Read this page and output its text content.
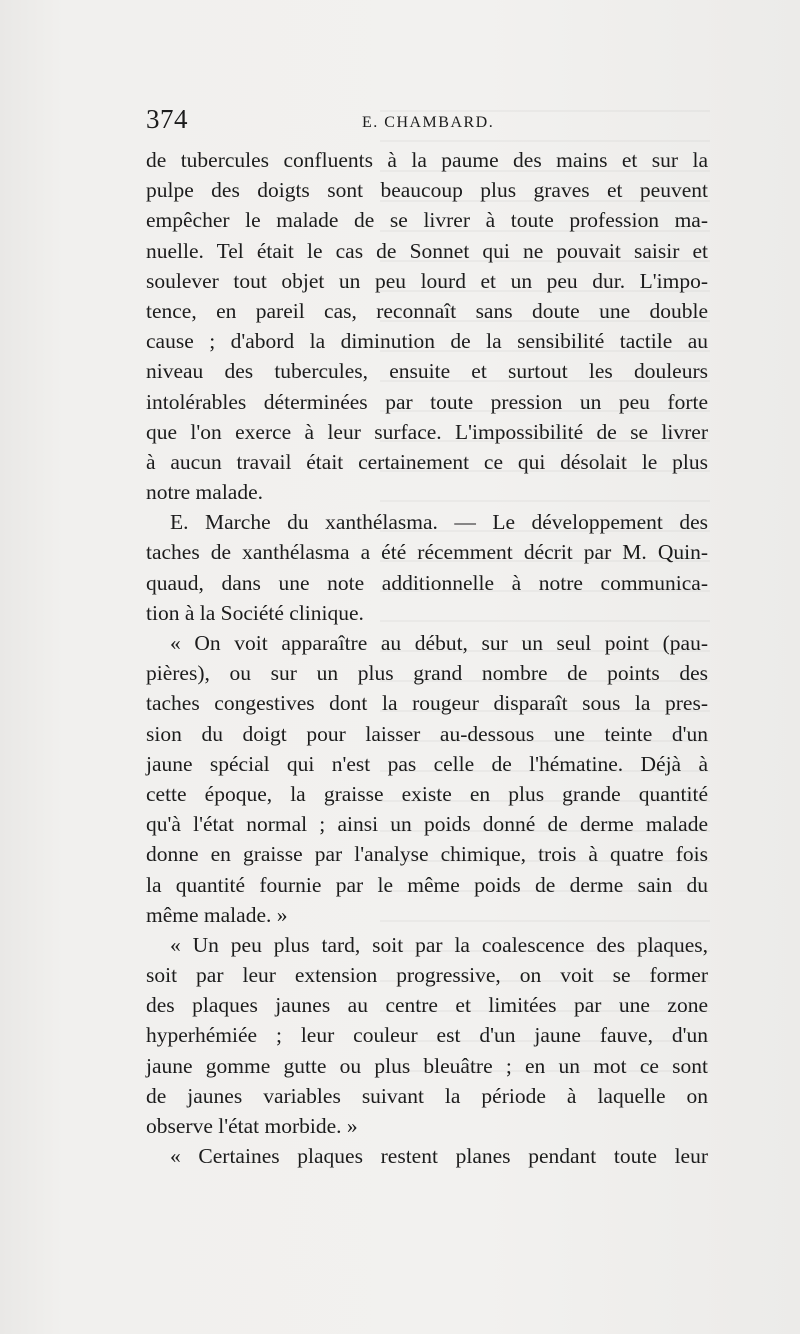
374	E. CHAMBARD.
de tubercules confluents à la paume des mains et sur la
pulpe des doigts sont beaucoup plus graves et peuvent
empêcher le malade de se livrer à toute profession ma-
nuelle. Tel était le cas de Sonnet qui ne pouvait saisir et
soulever tout objet un peu lourd et un peu dur. L'impo-
tence, en pareil cas, reconnaît sans doute une double
cause ; d'abord la diminution de la sensibilité tactile au
niveau des tubercules, ensuite et surtout les douleurs
intolérables déterminées par toute pression un peu forte
que l'on exerce à leur surface. L'impossibilité de se livrer
à aucun travail était certainement ce qui désolait le plus
notre malade.
E. Marche du xanthélasma. — Le développement des
taches de xanthélasma a été récemment décrit par M. Quin-
quaud, dans une note additionnelle à notre communica-
tion à la Société clinique.
« On voit apparaître au début, sur un seul point (pau-
pières), ou sur un plus grand nombre de points des
taches congestives dont la rougeur disparaît sous la pres-
sion du doigt pour laisser au-dessous une teinte d'un
jaune spécial qui n'est pas celle de l'hématine. Déjà à
cette époque, la graisse existe en plus grande quantité
qu'à l'état normal ; ainsi un poids donné de derme malade
donne en graisse par l'analyse chimique, trois à quatre fois
la quantité fournie par le même poids de derme sain du
même malade. »
« Un peu plus tard, soit par la coalescence des plaques,
soit par leur extension progressive, on voit se former
des plaques jaunes au centre et limitées par une zone
hyperhémiée ; leur couleur est d'un jaune fauve, d'un
jaune gomme gutte ou plus bleuâtre ; en un mot ce sont
de jaunes variables suivant la période à laquelle on
observe l'état morbide. »
« Certaines plaques restent planes pendant toute leur
